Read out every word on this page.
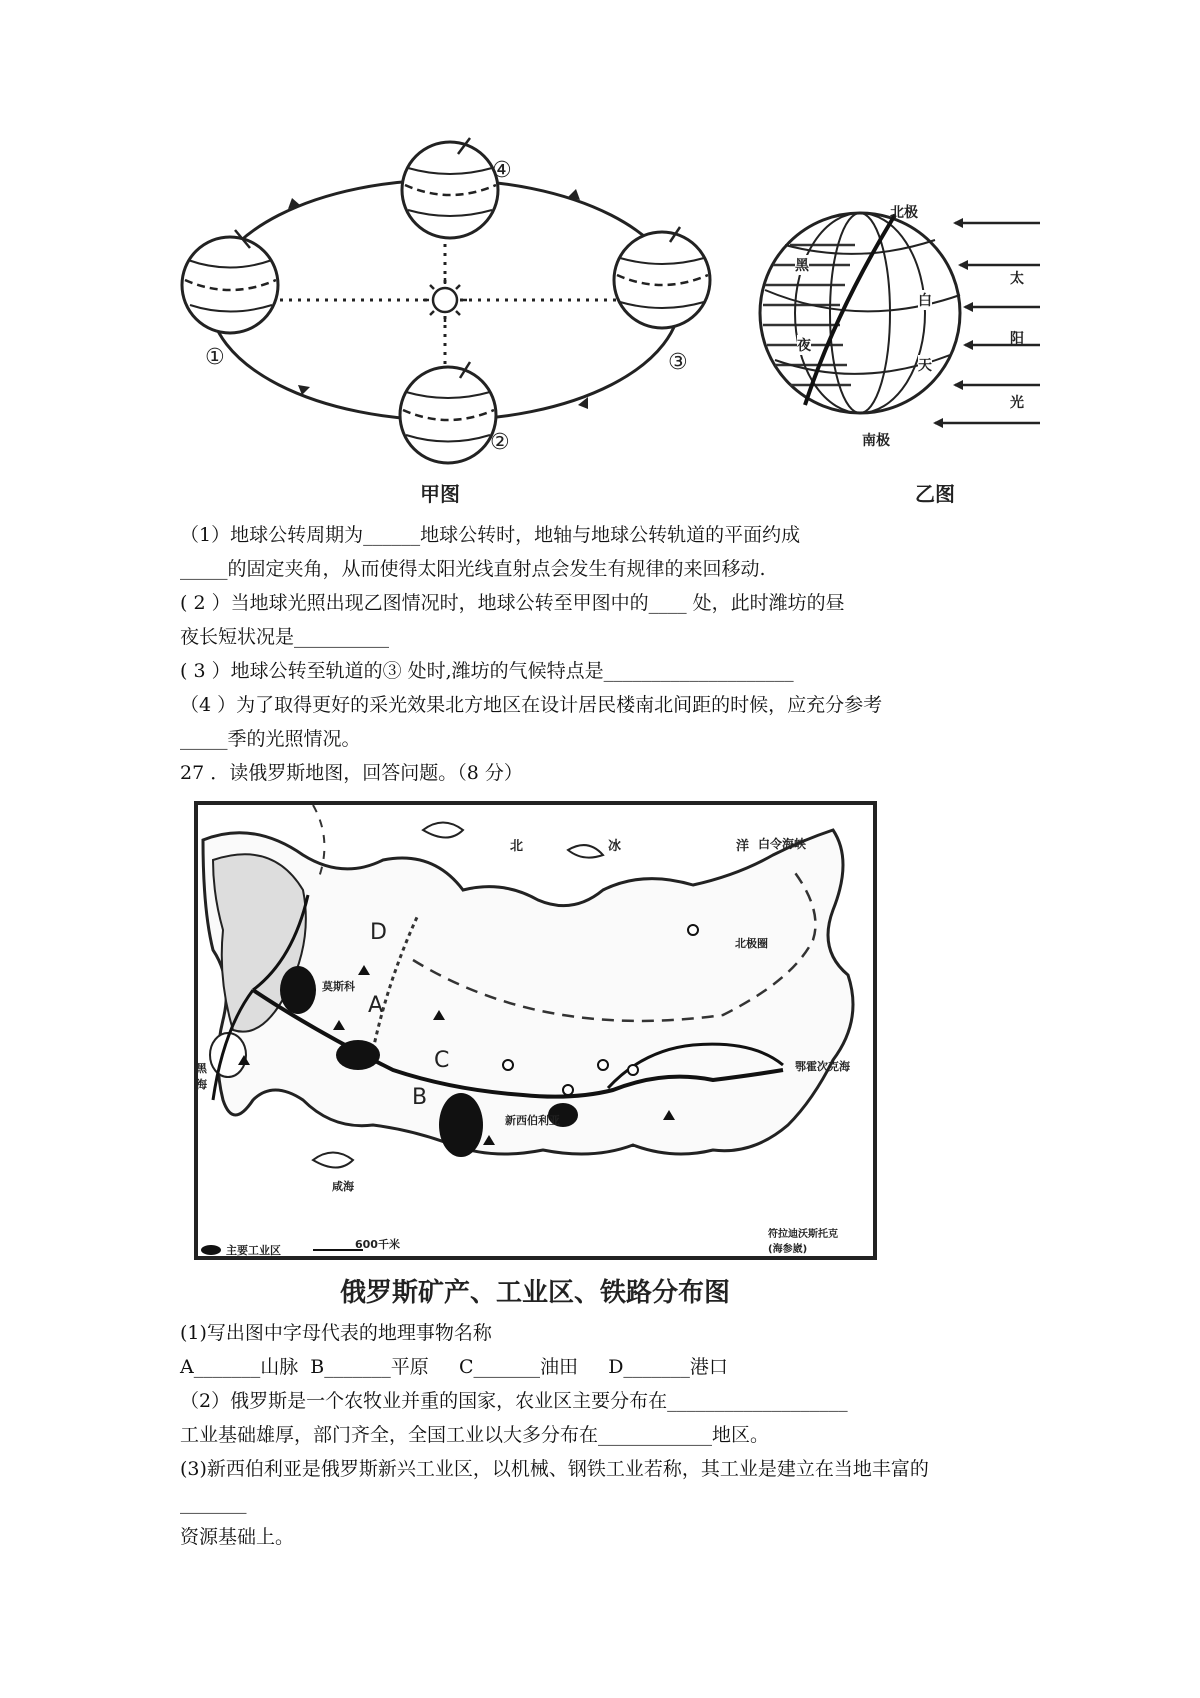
①
②
③
④
甲图
北极
黑
夜
白
天
南极
太
阳
光
乙图
（1）地球公转周期为______地球公转时，地轴与地球公转轨道的平面约成
_____的固定夹角，从而使得太阳光线直射点会发生有规律的来回移动.
( 2 ）当地球光照出现乙图情况时，地球公转至甲图中的____ 处，此时潍坊的昼
夜长短状况是__________
( 3 ）地球公转至轨道的③ 处时,潍坊的气候特点是____________________
（4 ）为了取得更好的采光效果北方地区在设计居民楼南北间距的时候，应充分参考
_____季的光照情况。
27 ．读俄罗斯地图，回答问题。（8 分）
A
B
C
D
北	冰	洋 白令海峡
北极圈
莫斯科
鄂霍次克海
新西伯利亚
黑海
咸海
主要工业区	600千米
符拉迪沃斯托克(海参崴)
俄罗斯矿产、工业区、铁路分布图
(1)写出图中字母代表的地理事物名称
A_______山脉  B_______平原     C_______油田     D_______港口
（2）俄罗斯是一个农牧业并重的国家，农业区主要分布在___________________
工业基础雄厚，部门齐全，全国工业以大多分布在____________地区。
(3)新西伯利亚是俄罗斯新兴工业区，以机械、钢铁工业若称，其工业是建立在当地丰富的
_______
资源基础上。
